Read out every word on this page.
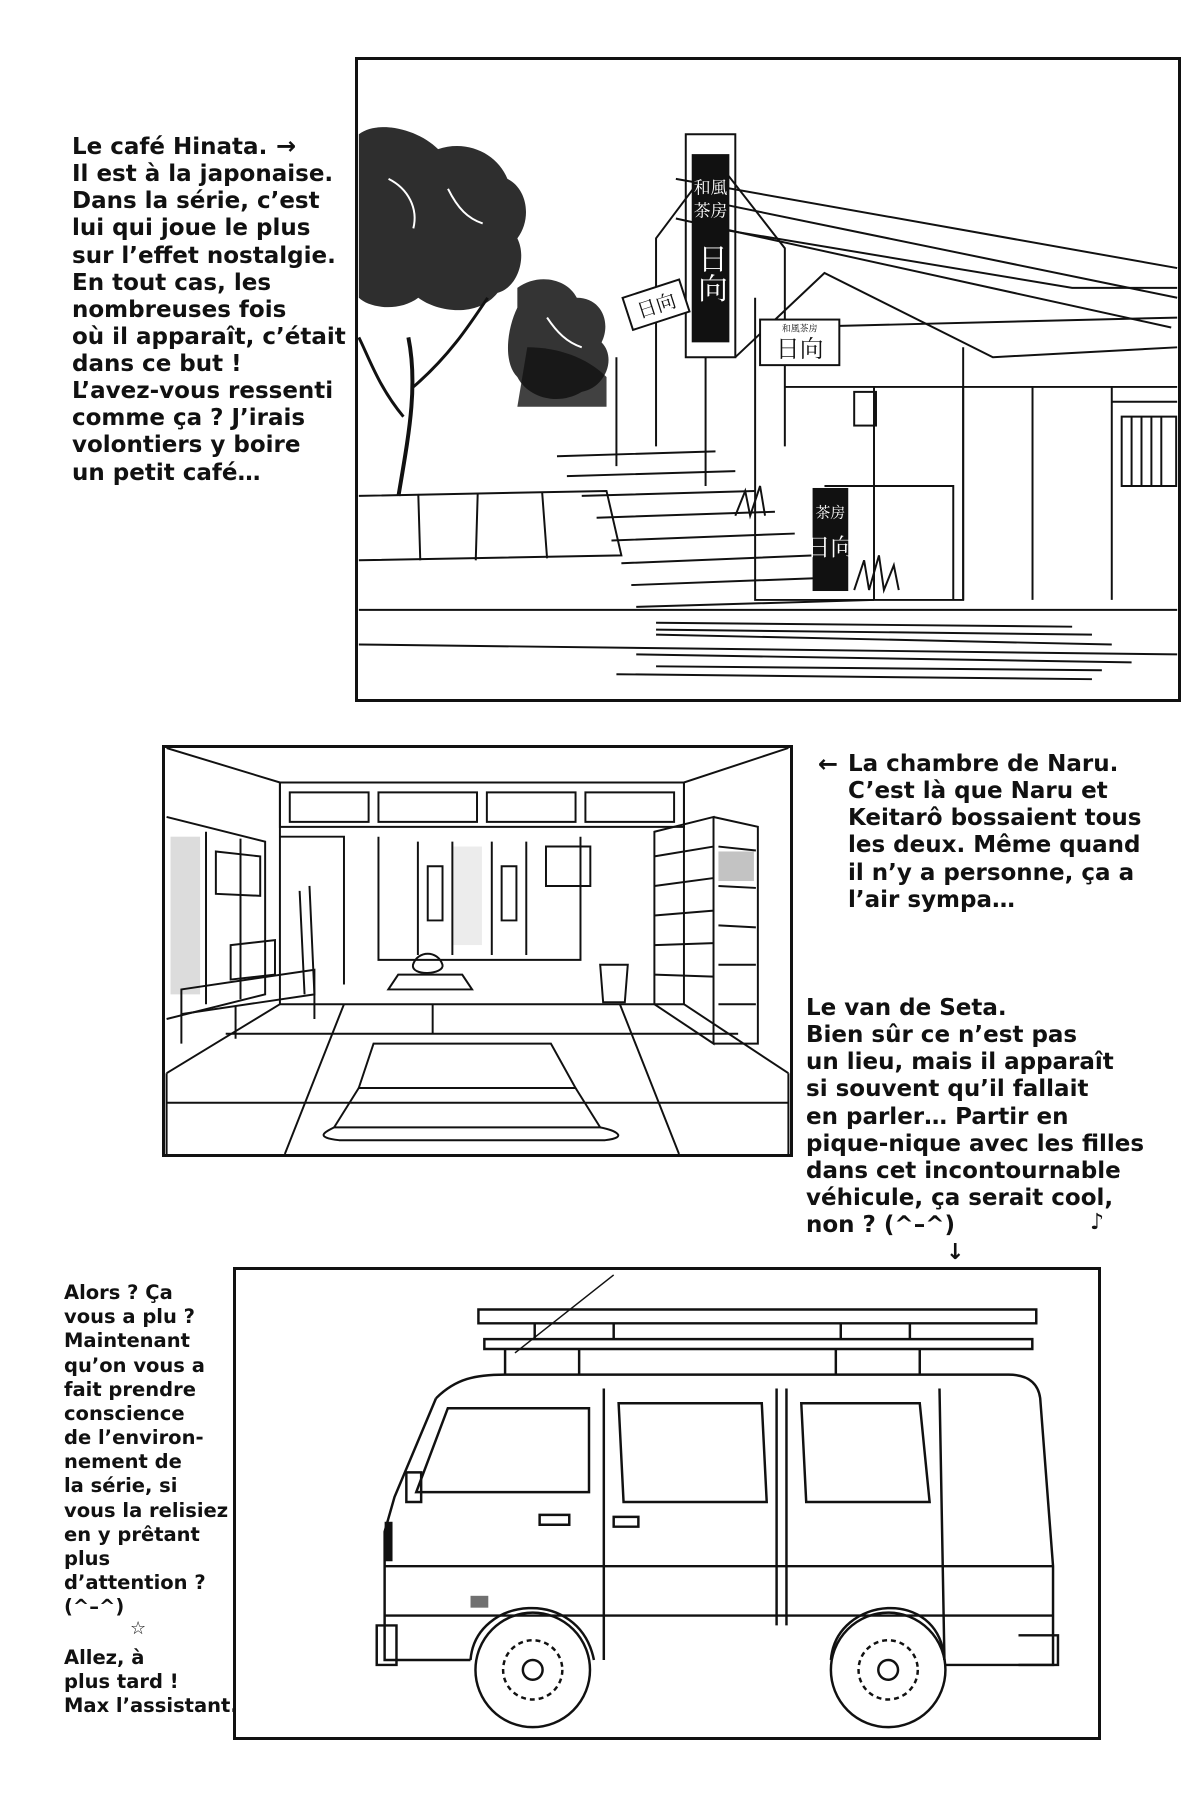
和風
茶房
日向
日向
和風茶房
日向
茶房
日向
Le café Hinata.
Il est à la japonaise.
Dans la série, c’est
lui qui joue le plus
sur l’effet nostalgie.
En tout cas, les
nombreuses fois
où il apparaît, c’était
dans ce but !
L’avez-vous ressenti
comme ça ? J’irais
volontiers y boire
un petit café…
→
← La chambre de Naru.
C’est là que Naru et
Keitarô bossaient tous
les deux. Même quand
il n’y a personne, ça a
l’air sympa…
Le van de Seta.
Bien sûr ce n’est pas
un lieu, mais il apparaît
si souvent qu’il fallait
en parler… Partir en
pique-nique avec les filles
dans cet incontournable
véhicule, ça serait cool,
non ? (^–^)	♪
↓
Alors ? Ça
vous a plu ?
Maintenant
qu’on vous a
fait prendre
conscience
de l’environ-
nement de
la série, si
vous la relisiez
en y prêtant
plus
d’attention ?
(^–^)
☆
Allez, à
plus tard !
Max l’assistant.
